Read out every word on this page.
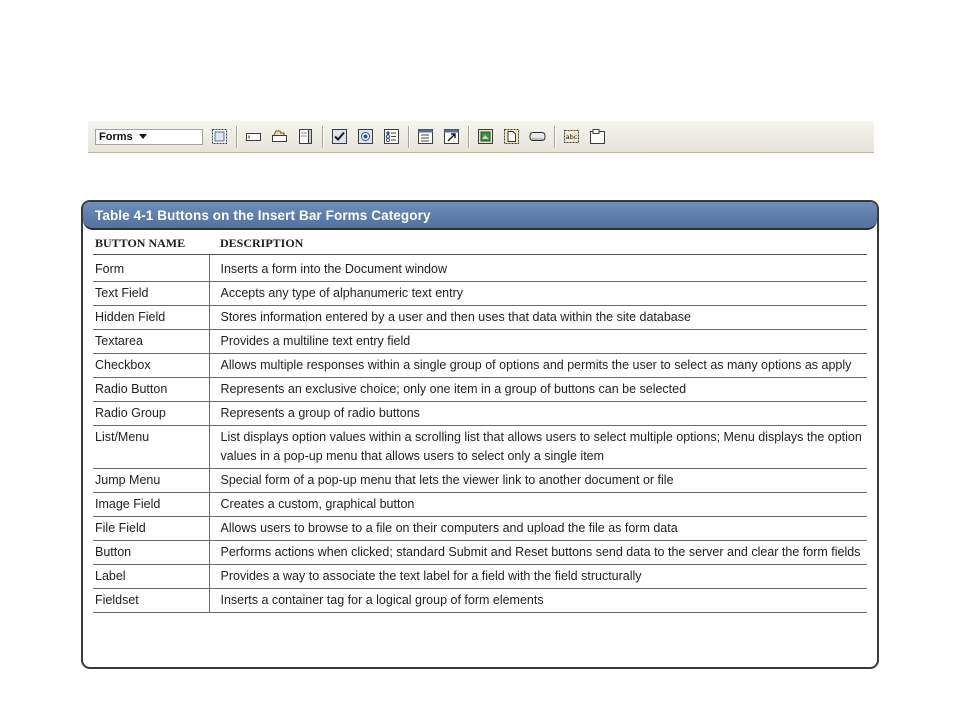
Forms	abc
Table 4-1 Buttons on the Insert Bar Forms Category
BUTTON NAME	DESCRIPTION
Form	Inserts a form into the Document window
Text Field	Accepts any type of alphanumeric text entry
Hidden Field	Stores information entered by a user and then uses that data within the site database
Textarea	Provides a multiline text entry field
Checkbox	Allows multiple responses within a single group of options and permits the user to select as many options as apply
Radio Button	Represents an exclusive choice; only one item in a group of buttons can be selected
Radio Group	Represents a group of radio buttons
List/Menu	List displays option values within a scrolling list that allows users to select multiple options; Menu displays the option values in a pop-up menu that allows users to select only a single item
Jump Menu	Special form of a pop-up menu that lets the viewer link to another document or file
Image Field	Creates a custom, graphical button
File Field	Allows users to browse to a file on their computers and upload the file as form data
Button	Performs actions when clicked; standard Submit and Reset buttons send data to the server and clear the form fields
Label	Provides a way to associate the text label for a field with the field structurally
Fieldset	Inserts a container tag for a logical group of form elements
